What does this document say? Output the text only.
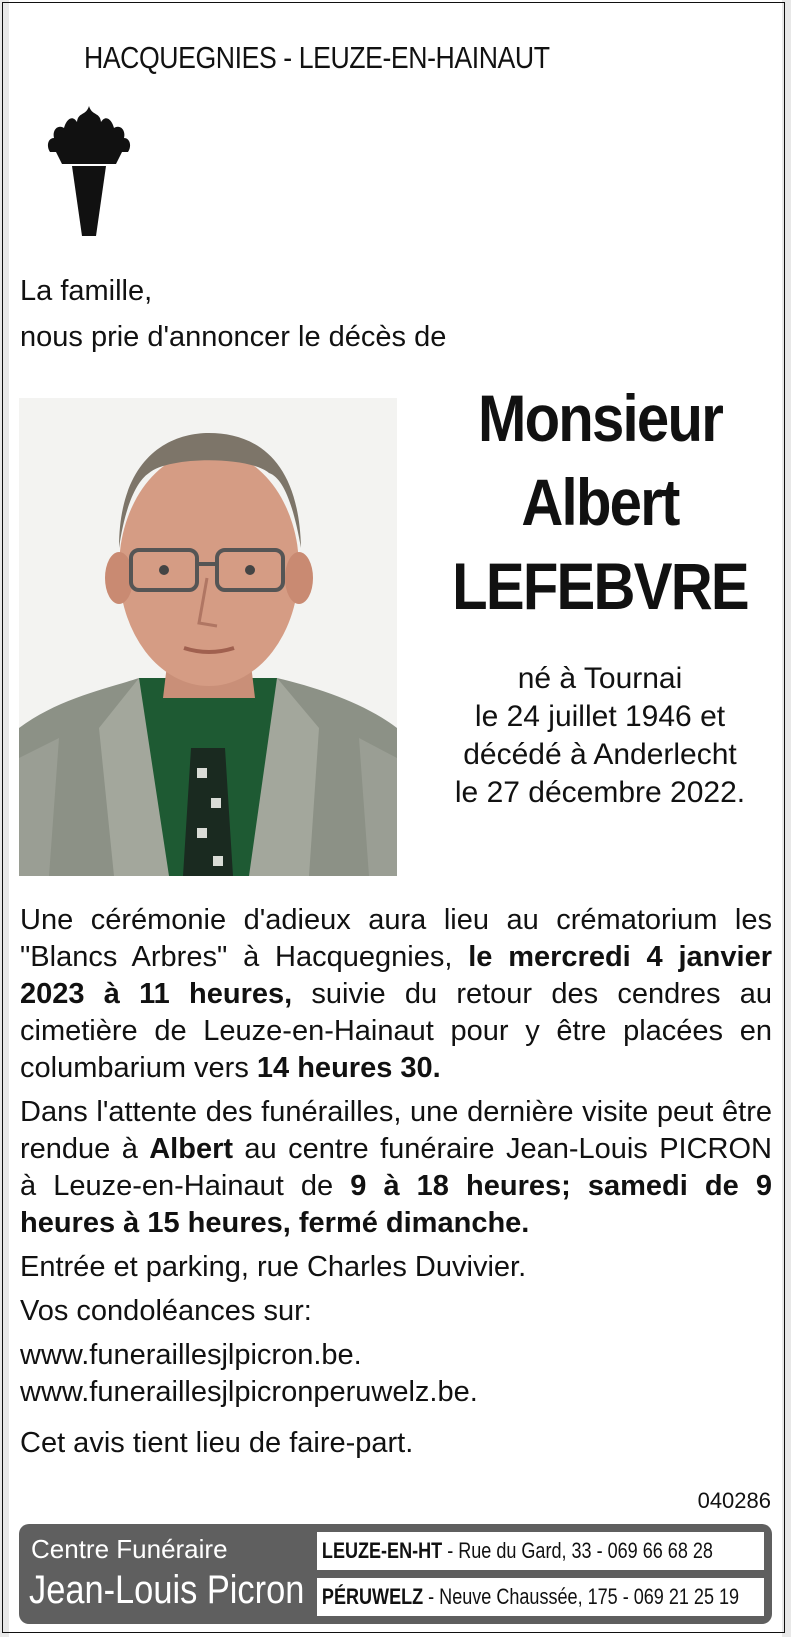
HACQUEGNIES - LEUZE-EN-HAINAUT
La famille,
nous prie d'annoncer le décès de
Monsieur
Albert
LEFEBVRE
né à Tournai
le 24 juillet 1946 et
décédé à Anderlecht
le 27 décembre 2022.

Une cérémonie d'adieux aura lieu au crématorium les "Blancs Arbres" à Hacquegnies, le mercredi 4 janvier 2023 à 11 heures, suivie du retour des cendres au cimetière de Leuze-en-Hainaut pour y être placées en columbarium vers 14 heures 30.

Dans l'attente des funérailles, une dernière visite peut être rendue à Albert au centre funéraire Jean-Louis PICRON à Leuze-en-Hainaut de 9 à 18 heures; samedi de 9 heures à 15 heures, fermé dimanche.

Entrée et parking, rue Charles Duvivier.

Vos condoléances sur:

www.funeraillesjlpicron.be.

www.funeraillesjlpicronperuwelz.be.

Cet avis tient lieu de faire-part.

040286
Centre Funéraire
Jean-Louis Picron
LEUZE-EN-HT - Rue du Gard, 33 - 069 66 68 28
PÉRUWELZ - Neuve Chaussée, 175 - 069 21 25 19
